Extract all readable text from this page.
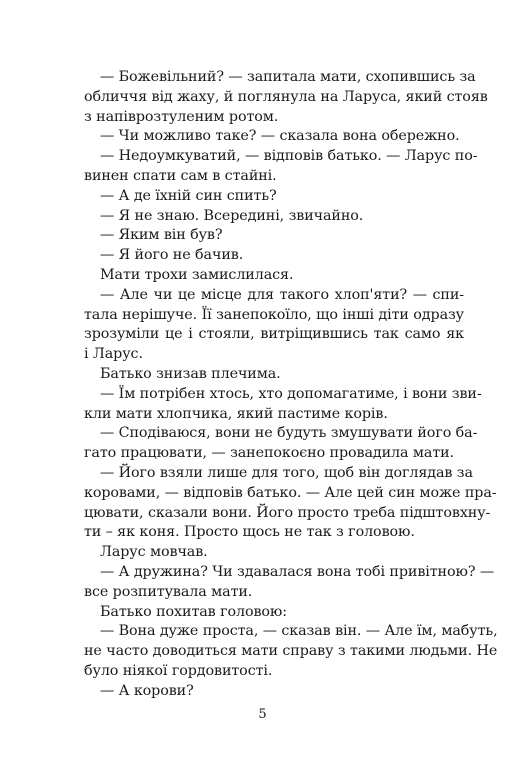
— Божевільний? — запитала мати, схопившись за
обличчя від жаху, й поглянула на Ларуса, який стояв
з напіврозтуленим ротом.
— Чи можливо таке? — сказала вона обережно.
— Недоумкуватий, — відповів батько. — Ларус по-
винен спати сам в стайні.
— А де їхній син спить?
— Я не знаю. Всередині, звичайно.
— Яким він був?
— Я його не бачив.
Мати трохи замислилася.
— Але чи це місце для такого хлоп'яти? — спи-
тала нерішуче. Її занепокоїло, що інші діти одразу
зрозуміли це і стояли, витріщившись так само як
і Ларус.
Батько знизав плечима.
— Їм потрібен хтось, хто допомагатиме, і вони зви-
кли мати хлопчика, який пастиме корів.
— Сподіваюся, вони не будуть змушувати його ба-
гато працювати, — занепокоєно провадила мати.
— Його взяли лише для того, щоб він доглядав за
коровами, — відповів батько. — Але цей син може пра-
цювати, сказали вони. Його просто треба підштовхну-
ти – як коня. Просто щось не так з головою.
Ларус мовчав.
— А дружина? Чи здавалася вона тобі привітною? —
все розпитувала мати.
Батько похитав головою:
— Вона дуже проста, — сказав він. — Але їм, мабуть,
не часто доводиться мати справу з такими людьми. Не
було ніякої гордовитості.
— А корови?
5
